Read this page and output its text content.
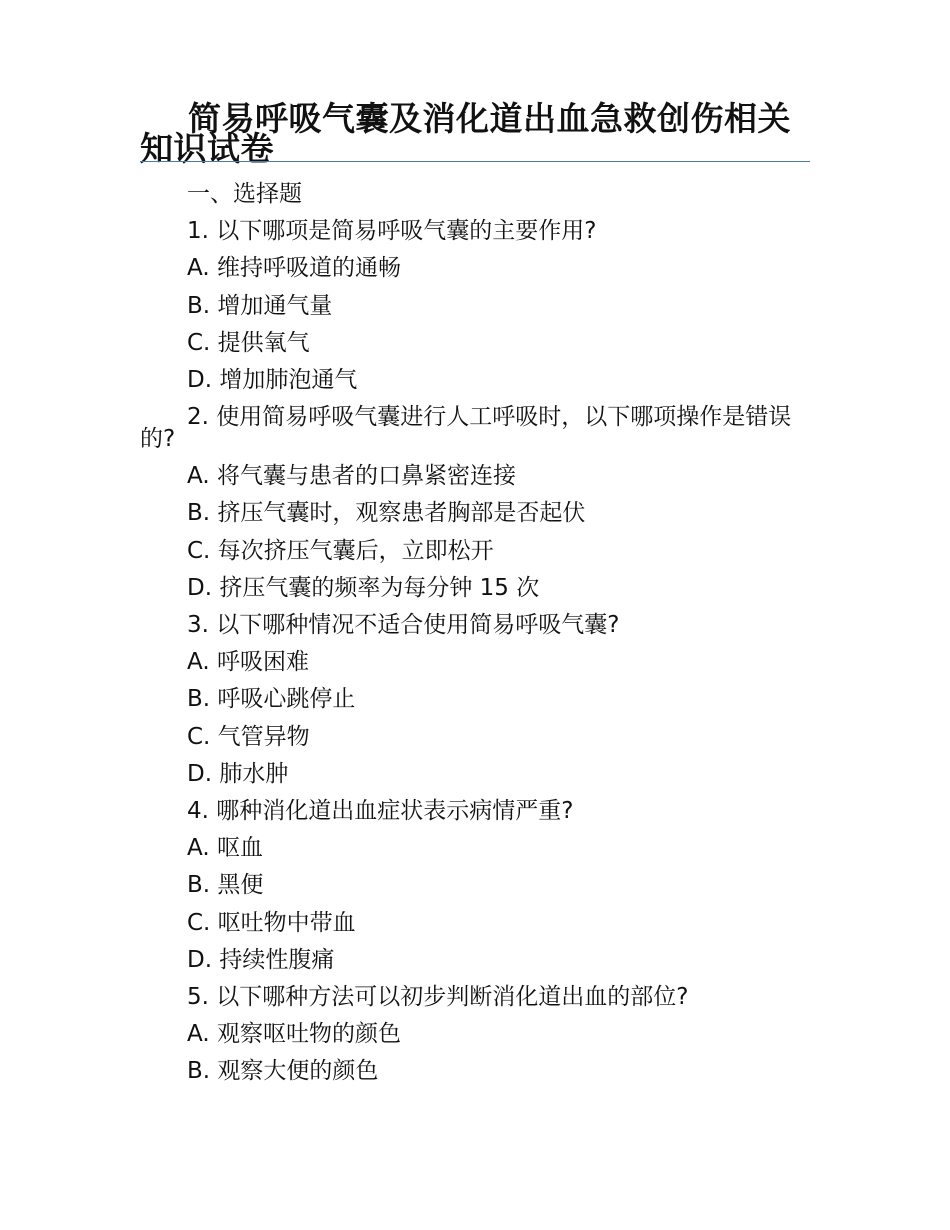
简易呼吸气囊及消化道出血急救创伤相关知识试卷
一、选择题
1. 以下哪项是简易呼吸气囊的主要作用?
A. 维持呼吸道的通畅
B. 增加通气量
C. 提供氧气
D. 增加肺泡通气
2. 使用简易呼吸气囊进行人工呼吸时，以下哪项操作是错误的?
A. 将气囊与患者的口鼻紧密连接
B. 挤压气囊时，观察患者胸部是否起伏
C. 每次挤压气囊后，立即松开
D. 挤压气囊的频率为每分钟 15 次
3. 以下哪种情况不适合使用简易呼吸气囊?
A. 呼吸困难
B. 呼吸心跳停止
C. 气管异物
D. 肺水肿
4. 哪种消化道出血症状表示病情严重?
A. 呕血
B. 黑便
C. 呕吐物中带血
D. 持续性腹痛
5. 以下哪种方法可以初步判断消化道出血的部位?
A. 观察呕吐物的颜色
B. 观察大便的颜色
